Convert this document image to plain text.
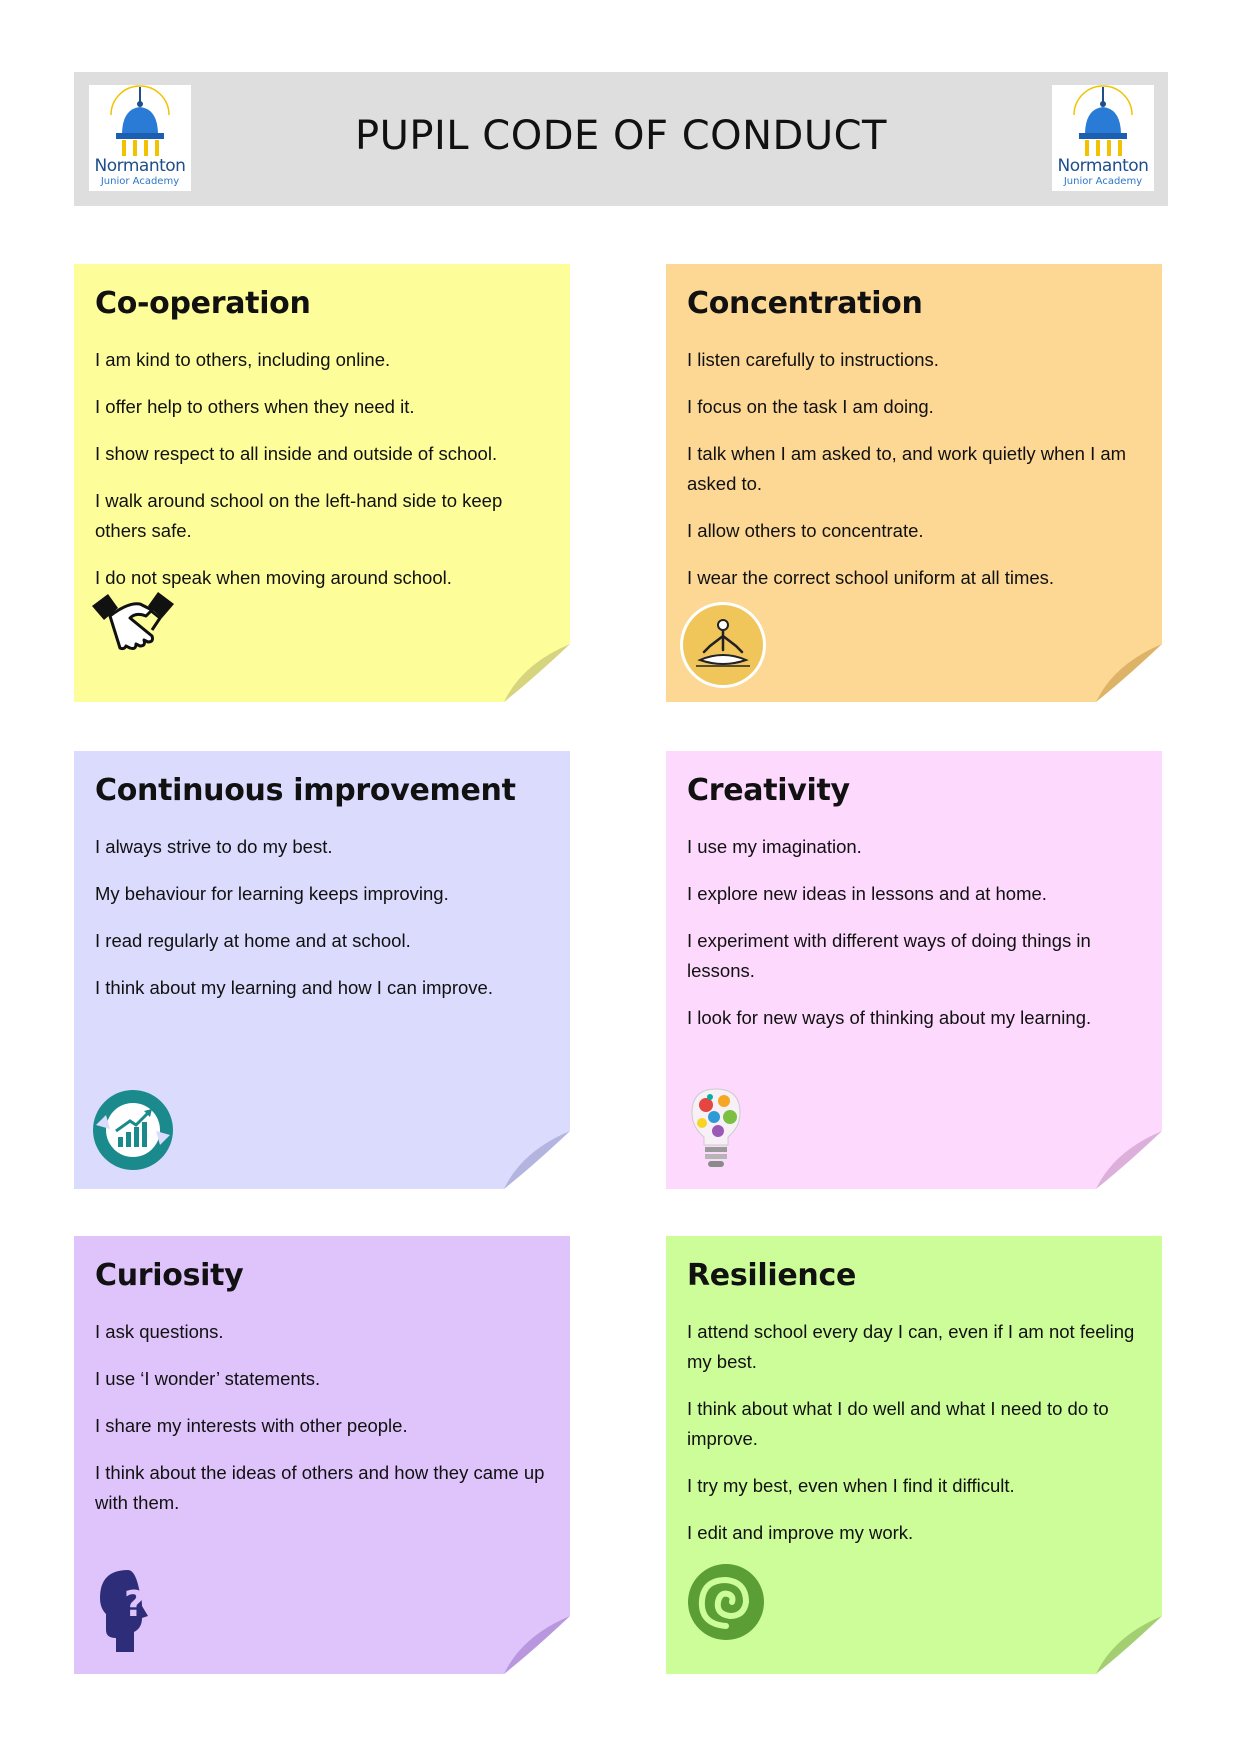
Normanton
Junior Academy
PUPIL CODE OF CONDUCT
Normanton
Junior Academy
Co-operation
I am kind to others, including online.
I offer help to others when they need it.
I show respect to all inside and outside of school.
I walk around school on the left-hand side to keep others safe.
I do not speak when moving around school.
Concentration
I listen carefully to instructions.
I focus on the task I am doing.
I talk when I am asked to, and work quietly when I am asked to.
I allow others to concentrate.
I wear the correct school uniform at all times.
Continuous improvement
I always strive to do my best.
My behaviour for learning keeps improving.
I read regularly at home and at school.
I think about my learning and how I can improve.
Creativity
I use my imagination.
I explore new ideas in lessons and at home.
I experiment with different ways of doing things in lessons.
I look for new ways of thinking about my learning.
Curiosity
I ask questions.
I use ‘I wonder’ statements.
I share my interests with other people.
I think about the ideas of others and how they came up with them.
?
Resilience
I attend school every day I can, even if I am not feeling my best.
I think about what I do well and what I need to do to improve.
I try my best, even when I find it difficult.
I edit and improve my work.
